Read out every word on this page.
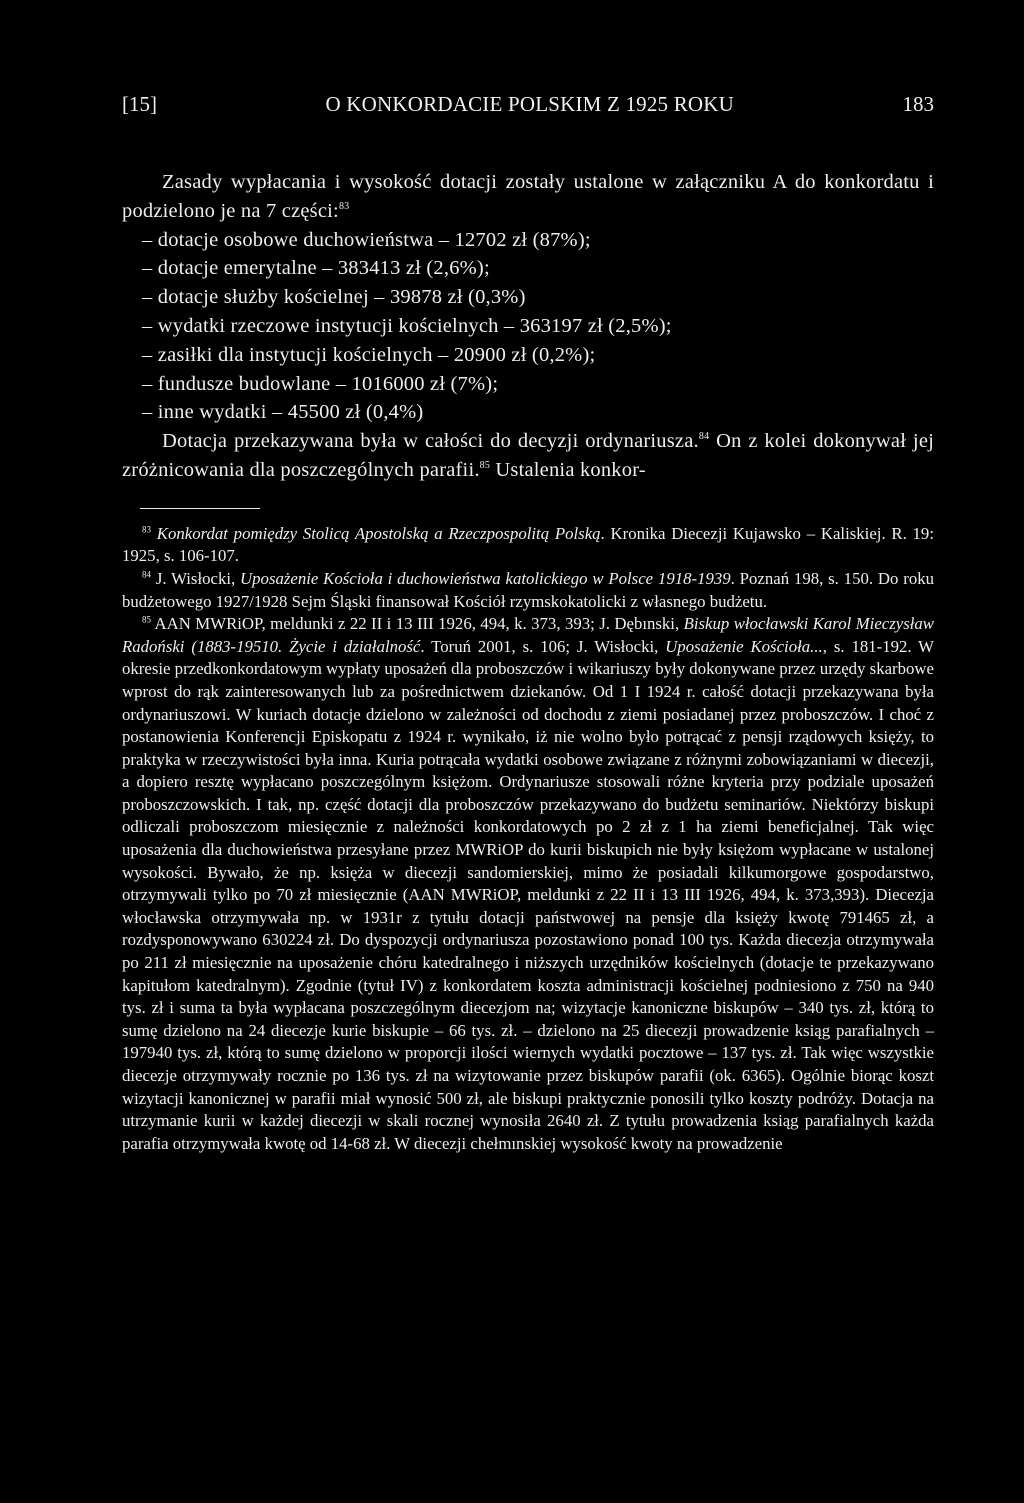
[15]	O KONKORDACIE POLSKIM Z 1925 ROKU	183

Zasady wypłacania i wysokość dotacji zostały ustalone w załączniku A do konkordatu i podzielono je na 7 części:$^{83}$

– dotacje osobowe duchowieństwa – 12702 zł (87%);

– dotacje emerytalne – 383413 zł (2,6%);

– dotacje służby kościelnej – 39878 zł (0,3%)

– wydatki rzeczowe instytucji kościelnych – 363197 zł (2,5%);

– zasiłki dla instytucji kościelnych – 20900 zł (0,2%);

– fundusze budowlane – 1016000 zł (7%);

– inne wydatki – 45500 zł (0,4%)

Dotacja przekazywana była w całości do decyzji ordynariusza.$^{84}$ On z kolei dokonywał jej zróżnicowania dla poszczególnych parafii.$^{85}$ Ustalenia konkor-

$^{83}$ Konkordat pomiędzy Stolicą Apostolską a Rzeczpospolitą Polską. Kronika Diecezji Kujawsko – Kaliskiej. R. 19: 1925, s. 106-107.

$^{84}$ J. Wisłocki, Uposażenie Kościoła i duchowieństwa katolickiego w Polsce 1918-1939. Poznań 198, s. 150. Do roku budżetowego 1927/1928 Sejm Śląski finansował Kościół rzymskokatolicki z własnego budżetu.

$^{85}$ AAN MWRiOP, meldunki z 22 II i 13 III 1926, 494, k. 373, 393; J. Dębınski, Biskup włocławski Karol Mieczysław Radoński (1883-19510. Życie i działalność. Toruń 2001, s. 106; J. Wisłocki, Uposażenie Kościoła..., s. 181-192. W okresie przedkonkordatowym wypłaty uposażeń dla proboszczów i wikariuszy były dokonywane przez urzędy skarbowe wprost do rąk zainteresowanych lub za pośrednictwem dziekanów. Od 1 I 1924 r. całość dotacji przekazywana była ordynariuszowi. W kuriach dotacje dzielono w zależności od dochodu z ziemi posiadanej przez proboszczów. I choć z postanowienia Konferencji Episkopatu z 1924 r. wynikało, iż nie wolno było potrącać z pensji rządowych księży, to praktyka w rzeczywistości była inna. Kuria potrącała wydatki osobowe związane z różnymi zobowiązaniami w diecezji, a dopiero resztę wypłacano poszczególnym księżom. Ordynariusze stosowali różne kryteria przy podziale uposażeń proboszczowskich. I tak, np. część dotacji dla proboszczów przekazywano do budżetu seminariów. Niektórzy biskupi odliczali proboszczom miesięcznie z należności konkordatowych po 2 zł z 1 ha ziemi beneficjalnej. Tak więc uposażenia dla duchowieństwa przesyłane przez MWRiOP do kurii biskupich nie były księżom wypłacane w ustalonej wysokości. Bywało, że np. księża w diecezji sandomierskiej, mimo że posiadali kilkumorgowe gospodarstwo, otrzymywali tylko po 70 zł miesięcznie (AAN MWRiOP, meldunki z 22 II i 13 III 1926, 494, k. 373,393). Diecezja włocławska otrzymywała np. w 1931r z tytułu dotacji państwowej na pensje dla księży kwotę 791465 zł, a rozdysponowywano 630224 zł. Do dyspozycji ordynariusza pozostawiono ponad 100 tys. Każda diecezja otrzymywała po 211 zł miesięcznie na uposażenie chóru katedralnego i niższych urzędników kościelnych (dotacje te przekazywano kapitułom katedralnym). Zgodnie (tytuł IV) z konkordatem koszta administracji kościelnej podniesiono z 750 na 940 tys. zł i suma ta była wypłacana poszczególnym diecezjom na; wizytacje kanoniczne biskupów – 340 tys. zł, którą to sumę dzielono na 24 diecezje kurie biskupie – 66 tys. zł. – dzielono na 25 diecezji prowadzenie ksiąg parafialnych – 197940 tys. zł, którą to sumę dzielono w proporcji ilości wiernych wydatki pocztowe – 137 tys. zł. Tak więc wszystkie diecezje otrzymywały rocznie po 136 tys. zł na wizytowanie przez biskupów parafii (ok. 6365). Ogólnie biorąc koszt wizytacji kanonicznej w parafii miał wynosić 500 zł, ale biskupi praktycznie ponosili tylko koszty podróży. Dotacja na utrzymanie kurii w każdej diecezji w skali rocznej wynosiła 2640 zł. Z tytułu prowadzenia ksiąg parafialnych każda parafia otrzymywała kwotę od 14-68 zł. W diecezji chełmınskiej wysokość kwoty na prowadzenie
